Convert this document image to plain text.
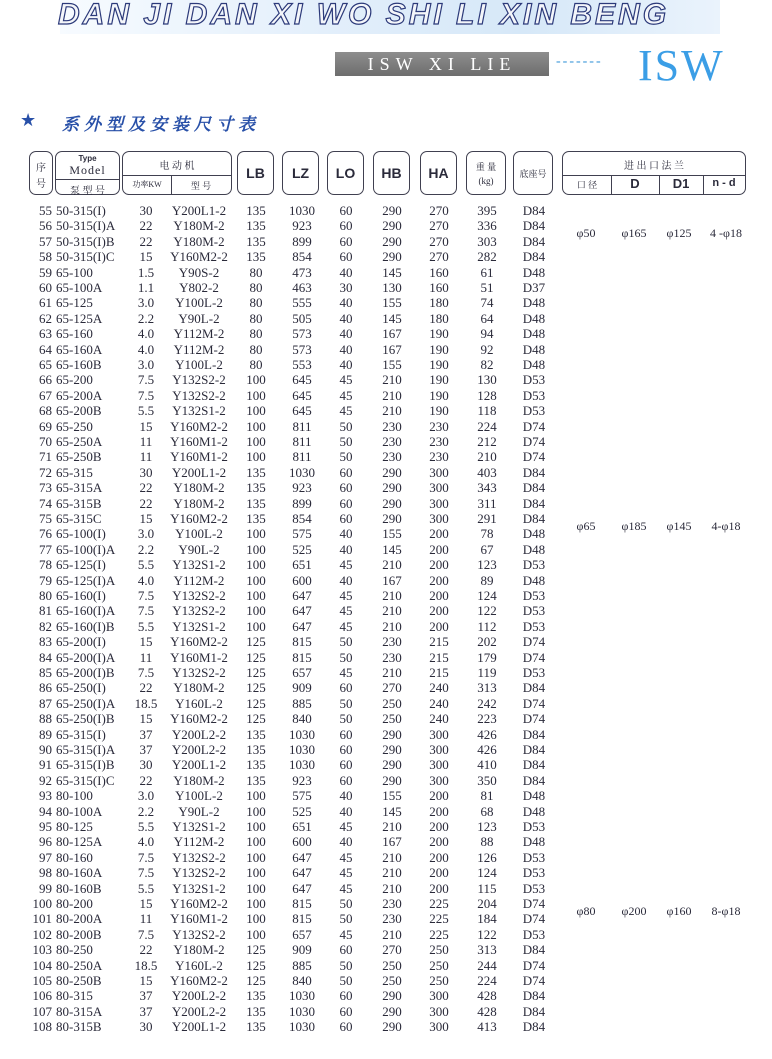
DAN JI DAN XI WO SHI LI XIN BENG
ISW XI LIE	------- ISW
★ 系外型及安装尺寸表
序
号
Type
Model
泵 型 号
电 动 机
功率KW	型 号
LB	LZ	LO	HB	HA	重 量
(kg)
底座号
进 出 口 法 兰
口 径	D	D1	n - d
55 50-315(I)	30	Y200L1-2	135	1030	60	290	270	395	D84
56 50-315(I)A	22	Y180M-2	135	923	60	290	270	336	D84
57 50-315(I)B	22	Y180M-2	135	899	60	290	270	303	D84
58 50-315(I)C	15	Y160M2-2	135	854	60	290	270	282	D84
59 65-100	1.5	Y90S-2	80	473	40	145	160	61	D48
60 65-100A	1.1	Y802-2	80	463	30	130	160	51	D37
61 65-125	3.0	Y100L-2	80	555	40	155	180	74	D48
62 65-125A	2.2	Y90L-2	80	505	40	145	180	64	D48
63 65-160	4.0	Y112M-2	80	573	40	167	190	94	D48
64 65-160A	4.0	Y112M-2	80	573	40	167	190	92	D48
65 65-160B	3.0	Y100L-2	80	553	40	155	190	82	D48
66 65-200	7.5	Y132S2-2	100	645	45	210	190	130	D53
67 65-200A	7.5	Y132S2-2	100	645	45	210	190	128	D53
68 65-200B	5.5	Y132S1-2	100	645	45	210	190	118	D53
69 65-250	15	Y160M2-2	100	811	50	230	230	224	D74
70 65-250A	11	Y160M1-2	100	811	50	230	230	212	D74
71 65-250B	11	Y160M1-2	100	811	50	230	230	210	D74
72 65-315	30	Y200L1-2	135	1030	60	290	300	403	D84
73 65-315A	22	Y180M-2	135	923	60	290	300	343	D84
74 65-315B	22	Y180M-2	135	899	60	290	300	311	D84
75 65-315C	15	Y160M2-2	135	854	60	290	300	291	D84
76 65-100(I)	3.0	Y100L-2	100	575	40	155	200	78	D48
77 65-100(I)A	2.2	Y90L-2	100	525	40	145	200	67	D48
78 65-125(I)	5.5	Y132S1-2	100	651	45	210	200	123	D53
79 65-125(I)A	4.0	Y112M-2	100	600	40	167	200	89	D48
80 65-160(I)	7.5	Y132S2-2	100	647	45	210	200	124	D53
81 65-160(I)A	7.5	Y132S2-2	100	647	45	210	200	122	D53
82 65-160(I)B	5.5	Y132S1-2	100	647	45	210	200	112	D53
83 65-200(I)	15	Y160M2-2	125	815	50	230	215	202	D74
84 65-200(I)A	11	Y160M1-2	125	815	50	230	215	179	D74
85 65-200(I)B	7.5	Y132S2-2	125	657	45	210	215	119	D53
86 65-250(I)	22	Y180M-2	125	909	60	270	240	313	D84
87 65-250(I)A	18.5	Y160L-2	125	885	50	250	240	242	D74
88 65-250(I)B	15	Y160M2-2	125	840	50	250	240	223	D74
89 65-315(I)	37	Y200L2-2	135	1030	60	290	300	426	D84
90 65-315(I)A	37	Y200L2-2	135	1030	60	290	300	426	D84
91 65-315(I)B	30	Y200L1-2	135	1030	60	290	300	410	D84
92 65-315(I)C	22	Y180M-2	135	923	60	290	300	350	D84
93 80-100	3.0	Y100L-2	100	575	40	155	200	81	D48
94 80-100A	2.2	Y90L-2	100	525	40	145	200	68	D48
95 80-125	5.5	Y132S1-2	100	651	45	210	200	123	D53
96 80-125A	4.0	Y112M-2	100	600	40	167	200	88	D48
97 80-160	7.5	Y132S2-2	100	647	45	210	200	126	D53
98 80-160A	7.5	Y132S2-2	100	647	45	210	200	124	D53
99 80-160B	5.5	Y132S1-2	100	647	45	210	200	115	D53
100 80-200	15	Y160M2-2	100	815	50	230	225	204	D74
101 80-200A	11	Y160M1-2	100	815	50	230	225	184	D74
102 80-200B	7.5	Y132S2-2	100	657	45	210	225	122	D53
103 80-250	22	Y180M-2	125	909	60	270	250	313	D84
104 80-250A	18.5	Y160L-2	125	885	50	250	250	244	D74
105 80-250B	15	Y160M2-2	125	840	50	250	250	224	D74
106 80-315	37	Y200L2-2	135	1030	60	290	300	428	D84
107 80-315A	37	Y200L2-2	135	1030	60	290	300	428	D84
108 80-315B	30	Y200L1-2	135	1030	60	290	300	413	D84
φ50	φ165	φ125	4 -φ18
φ65	φ185	φ145	4-φ18
φ80	φ200	φ160	8-φ18
